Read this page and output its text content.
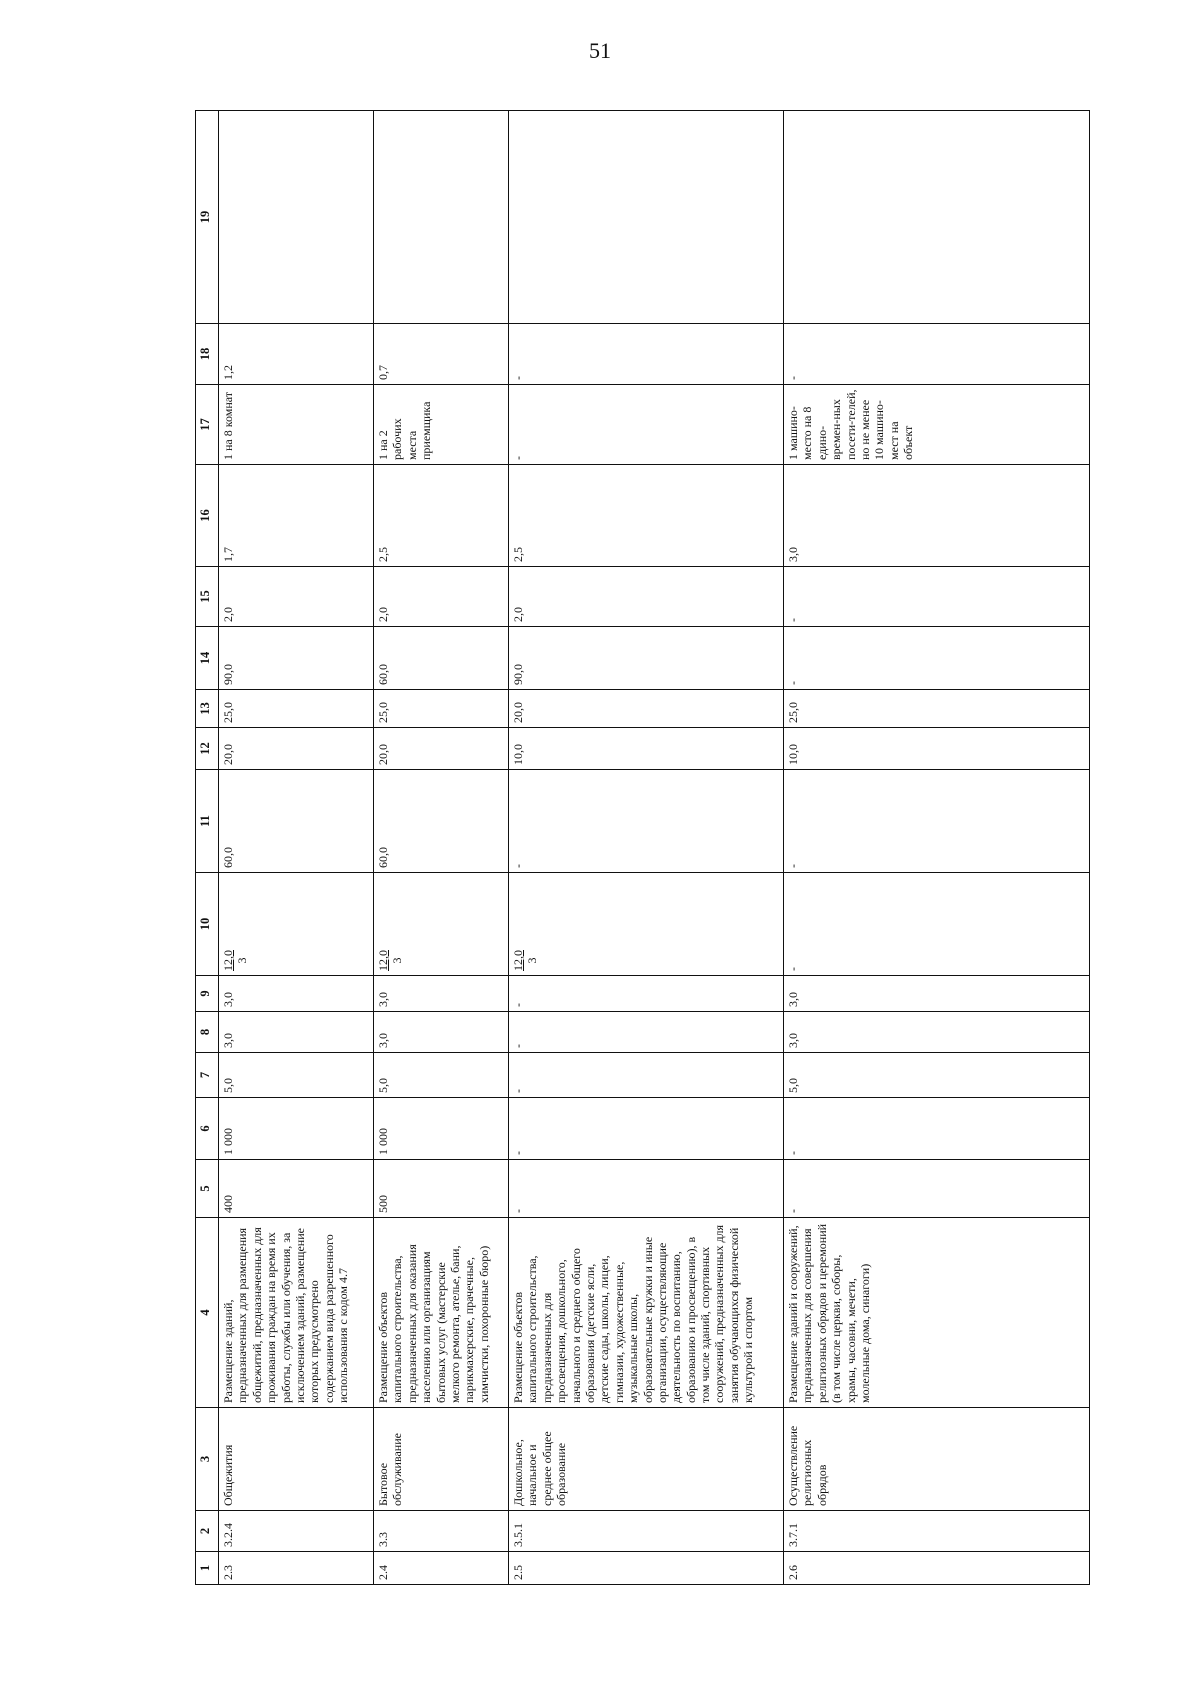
51
1	2	3	4	5	6	7	8	9	10	11	12	13	14	15	16	17	18	19
2.3	3.2.4	Общежития	Размещение зданий, предназначенных для размещения общежитий, предназначенных для проживания граждан на время их работы, службы или обучения, за исключением зданий, размещение которых предусмотрено содержанием вида разрешенного использования с кодом 4.7	400	1 000	5,0	3,0	3,0	12,0 3	60,0	20,0	25,0	90,0	2,0	1,7	1 на 8 комнат	1,2	
2.4	3.3	Бытовое обслуживание	Размещение объектов капитального строительства, предназначенных для оказания населению или организациям бытовых услуг (мастерские мелкого ремонта, ателье, бани, парикмахерские, прачечные, химчистки, похоронные бюро)	500	1 000	5,0	3,0	3,0	12,0 3	60,0	20,0	25,0	60,0	2,0	2,5	1 на 2 рабочих места приемщика	0,7	
2.5	3.5.1	Дошкольное, начальное и среднее общее образование	Размещение объектов капитального строительства, предназначенных для просвещения, дошкольного, начального и среднего общего образования (детские ясли, детские сады, школы, лицеи, гимназии, художественные, музыкальные школы, образовательные кружки и иные организации, осуществляющие деятельность по воспитанию, образованию и просвещению), в том числе зданий, спортивных сооружений, предназначенных для занятия обучающихся физической культурой и спортом	-	-	-	-	-	12,0 3	-	10,0	20,0	90,0	2,0	2,5	-	-	
2.6	3.7.1	Осуществление религиозных обрядов	Размещение зданий и сооружений, предназначенных для совершения религиозных обрядов и церемоний (в том числе церкви, соборы, храмы, часовни, мечети, молельные дома, синагоги)	-	-	5,0	3,0	3,0	-	-	10,0	25,0	-	-	3,0	1 машино-место на 8 едино-времен-ных посети-телей, но не менее 10 машино-мест на объект	-	
